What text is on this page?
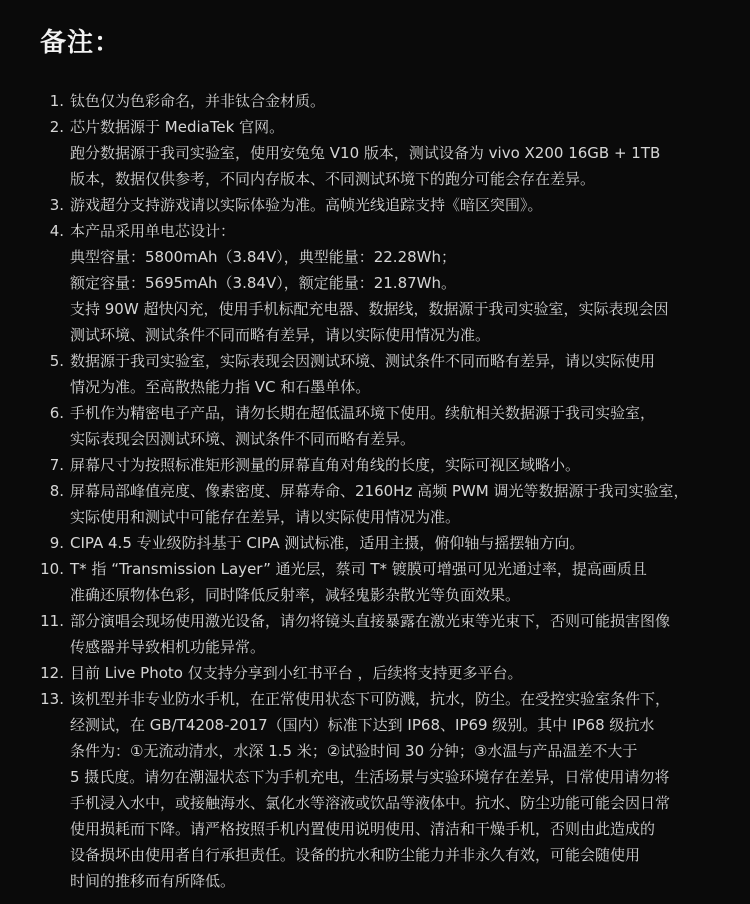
备注：
1. 钛色仅为色彩命名，并非钛合金材质。
2. 芯片数据源于 MediaTek 官网。
跑分数据源于我司实验室，使用安兔兔 V10 版本，测试设备为 vivo X200 16GB + 1TB
版本，数据仅供参考，不同内存版本、不同测试环境下的跑分可能会存在差异。
3. 游戏超分支持游戏请以实际体验为准。高帧光线追踪支持《暗区突围》。
4. 本产品采用单电芯设计：
典型容量：5800mAh（3.84V），典型能量：22.28Wh；
额定容量：5695mAh（3.84V），额定能量：21.87Wh。
支持 90W 超快闪充，使用手机标配充电器、数据线，数据源于我司实验室，实际表现会因
测试环境、测试条件不同而略有差异，请以实际使用情况为准。
5. 数据源于我司实验室，实际表现会因测试环境、测试条件不同而略有差异，请以实际使用
情况为准。至高散热能力指 VC 和石墨单体。
6. 手机作为精密电子产品，请勿长期在超低温环境下使用。续航相关数据源于我司实验室，
实际表现会因测试环境、测试条件不同而略有差异。
7. 屏幕尺寸为按照标准矩形测量的屏幕直角对角线的长度，实际可视区域略小。
8. 屏幕局部峰值亮度、像素密度、屏幕寿命、2160Hz 高频 PWM 调光等数据源于我司实验室，
实际使用和测试中可能存在差异，请以实际使用情况为准。
9. CIPA 4.5 专业级防抖基于 CIPA 测试标准，适用主摄，俯仰轴与摇摆轴方向。
10. T* 指 “Transmission Layer” 通光层，蔡司 T* 镀膜可增强可见光通过率，提高画质且
准确还原物体色彩，同时降低反射率，减轻鬼影杂散光等负面效果。
11. 部分演唱会现场使用激光设备，请勿将镜头直接暴露在激光束等光束下，否则可能损害图像
传感器并导致相机功能异常。
12. 目前 Live Photo 仅支持分享到小红书平台 ，后续将支持更多平台。
13. 该机型并非专业防水手机，在正常使用状态下可防溅，抗水，防尘。在受控实验室条件下，
经测试，在 GB/T4208-2017（国内）标准下达到 IP68、IP69 级别。其中 IP68 级抗水
条件为：①无流动清水，水深 1.5 米；②试验时间 30 分钟；③水温与产品温差不大于
5 摄氏度。请勿在潮湿状态下为手机充电，生活场景与实验环境存在差异，日常使用请勿将
手机浸入水中，或接触海水、氯化水等溶液或饮品等液体中。抗水、防尘功能可能会因日常
使用损耗而下降。请严格按照手机内置使用说明使用、清洁和干燥手机，否则由此造成的
设备损坏由使用者自行承担责任。设备的抗水和防尘能力并非永久有效，可能会随使用
时间的推移而有所降低。
